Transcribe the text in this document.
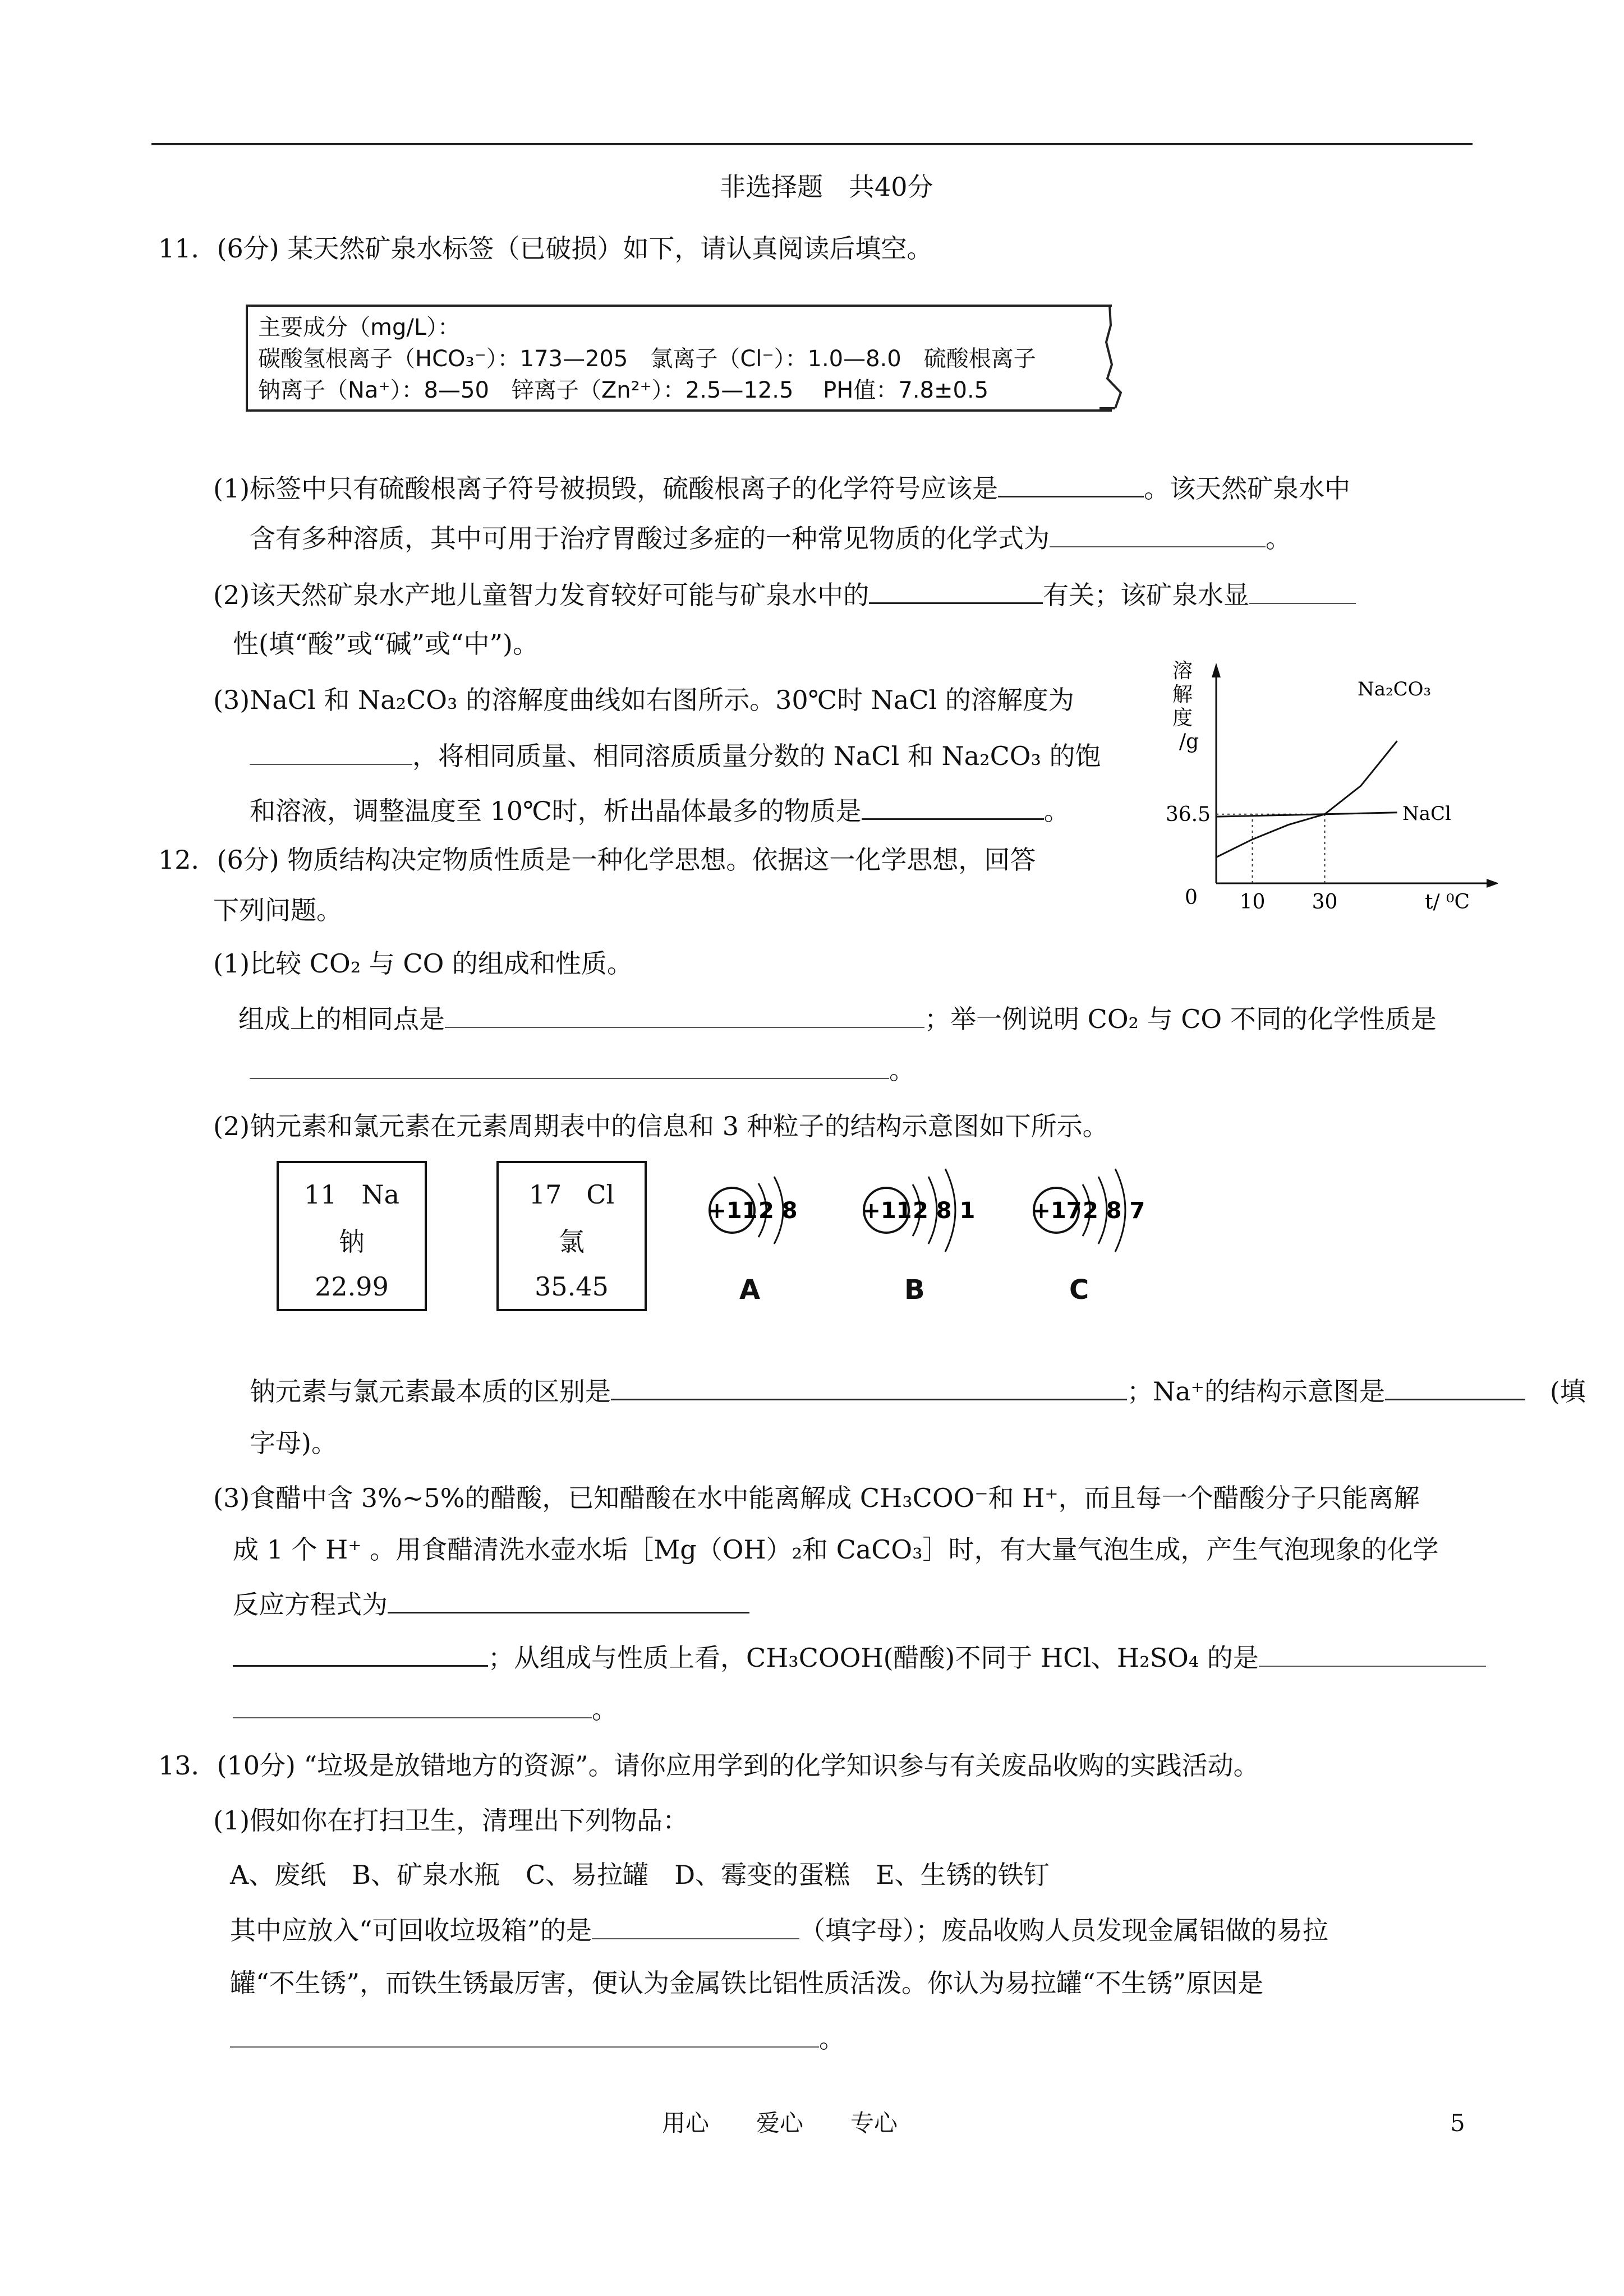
非选择题　共40分
11．(6分) 某天然矿泉水标签（已破损）如下，请认真阅读后填空。
主要成分（mg/L）：
碳酸氢根离子（HCO₃⁻）：173—205　氯离子（Cl⁻）：1.0—8.0　硫酸根离子
钠离子（Na⁺）：8—50　锌离子（Zn²⁺）：2.5—12.5　 PH值：7.8±0.5
(1)标签中只有硫酸根离子符号被损毁，硫酸根离子的化学符号应该是	。该天然矿泉水中
含有多种溶质，其中可用于治疗胃酸过多症的一种常见物质的化学式为	。
(2)该天然矿泉水产地儿童智力发育较好可能与矿泉水中的	有关；该矿泉水显
性(填“酸”或“碱”或“中”)。
(3)NaCl 和 Na₂CO₃ 的溶解度曲线如右图所示。30℃时 NaCl 的溶解度为
，将相同质量、相同溶质质量分数的 NaCl 和 Na₂CO₃ 的饱
和溶液，调整温度至 10℃时，析出晶体最多的物质是	。
溶解度/g
t/ ⁰C
0 10 30
36.5
Na₂CO₃
NaCl
12．(6分) 物质结构决定物质性质是一种化学思想。依据这一化学思想，回答
下列问题。
(1)比较 CO₂ 与 CO 的组成和性质。
组成上的相同点是	；举一例说明 CO₂ 与 CO 不同的化学性质是
。
(2)钠元素和氯元素在元素周期表中的信息和 3 种粒子的结构示意图如下所示。
11 Na
钠
22.99
17 Cl
氯
35.45
+11 2 8
A
+11 2 8 1
B
+17 2 8 7
C
钠元素与氯元素最本质的区别是	；Na⁺的结构示意图是	(填
字母)。
(3)食醋中含 3%~5%的醋酸，已知醋酸在水中能离解成 CH₃COO⁻和 H⁺，而且每一个醋酸分子只能离解
成 1 个 H⁺ 。用食醋清洗水壶水垢［Mg（OH）₂和 CaCO₃］时，有大量气泡生成，产生气泡现象的化学
反应方程式为
；从组成与性质上看，CH₃COOH(醋酸)不同于 HCl、H₂SO₄ 的是
。
13．(10分) “垃圾是放错地方的资源”。请你应用学到的化学知识参与有关废品收购的实践活动。
(1)假如你在打扫卫生，清理出下列物品：
A、废纸　B、矿泉水瓶　C、易拉罐　D、霉变的蛋糕　E、生锈的铁钉
其中应放入“可回收垃圾箱”的是	（填字母）；废品收购人员发现金属铝做的易拉
罐“不生锈”，而铁生锈最厉害，便认为金属铁比铝性质活泼。你认为易拉罐“不生锈”原因是
。
用心　　爱心　　专心	5
